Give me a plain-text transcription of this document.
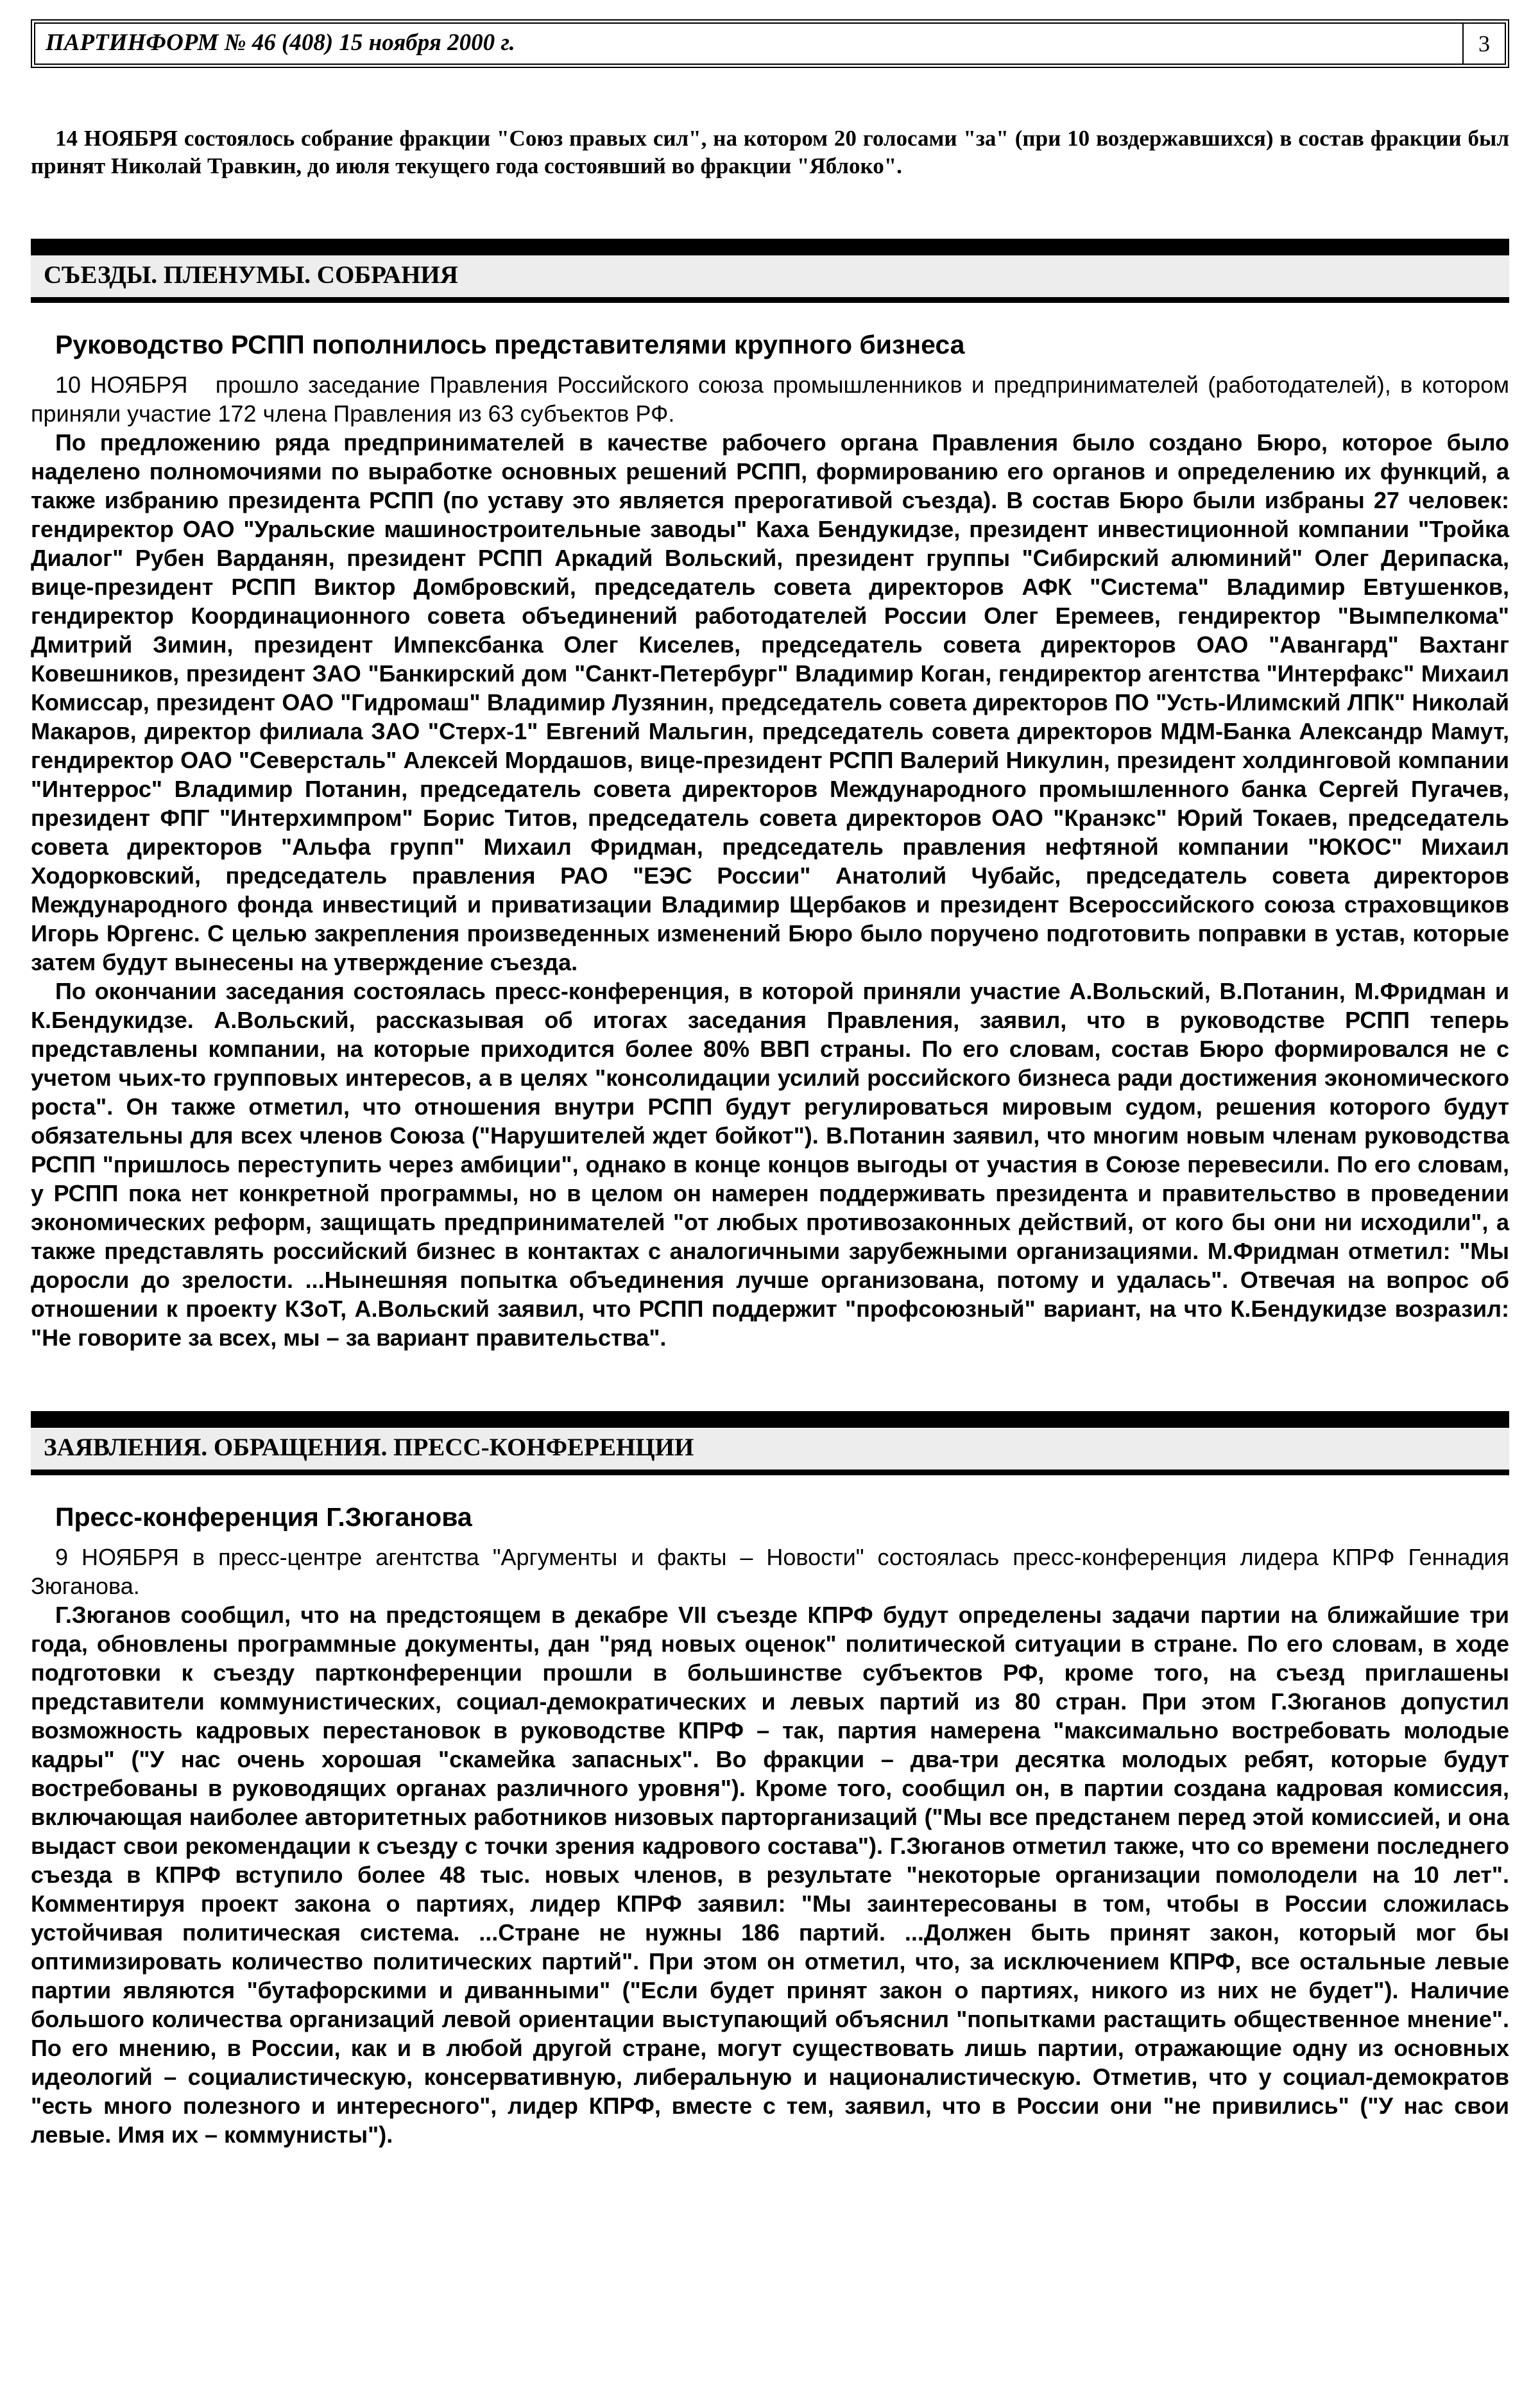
ПАРТИНФОРМ № 46 (408) 15 ноября 2000 г.	3

14 НОЯБРЯ состоялось собрание фракции "Союз правых сил", на котором 20 голосами "за" (при 10 воздержавшихся) в состав фракции был принят Николай Травкин, до июля текущего года состоявший во фракции "Яблоко".

СЪЕЗДЫ. ПЛЕНУМЫ. СОБРАНИЯ
Руководство РСПП пополнилось представителями крупного бизнеса

10 НОЯБРЯ   прошло заседание Правления Российского союза промышленников и предпринимателей (работодателей), в котором приняли участие 172 члена Правления из 63 субъектов РФ.

По предложению ряда предпринимателей в качестве рабочего органа Правления было создано Бюро, которое было наделено полномочиями по выработке основных решений РСПП, формированию его органов и определению их функций, а также избранию президента РСПП (по уставу это является прерогативой съезда). В состав Бюро были избраны 27 человек: гендиректор ОАО "Уральские машиностроительные заводы" Каха Бендукидзе, президент инвестиционной компании "Тройка Диалог" Рубен Варданян, президент РСПП Аркадий Вольский, президент группы "Сибирский алюминий" Олег Дерипаска, вице-президент РСПП Виктор Домбровский, председатель совета директоров АФК "Система" Владимир Евтушенков, гендиректор Координационного совета объединений работодателей России Олег Еремеев, гендиректор "Вымпелкома" Дмитрий Зимин, президент Импексбанка Олег Киселев, председатель совета директоров ОАО "Авангард" Вахтанг Ковешников, президент ЗАО "Банкирский дом "Санкт-Петербург" Владимир Коган, гендиректор агентства "Интерфакс" Михаил Комиссар, президент ОАО "Гидромаш" Владимир Лузянин, председатель совета директоров ПО "Усть-Илимский ЛПК" Николай Макаров, директор филиала ЗАО "Стерх-1" Евгений Мальгин, председатель совета директоров МДМ-Банка Александр Мамут, гендиректор ОАО "Северсталь" Алексей Мордашов, вице-президент РСПП Валерий Никулин, президент холдинговой компании "Интеррос" Владимир Потанин, председатель совета директоров Международного промышленного банка Сергей Пугачев, президент ФПГ "Интерхимпром" Борис Титов, председатель совета директоров ОАО "Кранэкс" Юрий Токаев, председатель совета директоров "Альфа групп" Михаил Фридман, председатель правления нефтяной компании "ЮКОС" Михаил Ходорковский, председатель правления РАО "ЕЭС России" Анатолий Чубайс, председатель совета директоров Международного фонда инвестиций и приватизации Владимир Щербаков и президент Всероссийского союза страховщиков Игорь Юргенс. С целью закрепления произведенных изменений Бюро было поручено подготовить поправки в устав, которые затем будут вынесены на утверждение съезда.

По окончании заседания состоялась пресс-конференция, в которой приняли участие А.Вольский, В.Потанин, М.Фридман и К.Бендукидзе. А.Вольский, рассказывая об итогах заседания Правления, заявил, что в руководстве РСПП теперь представлены компании, на которые приходится более 80% ВВП страны. По его словам, состав Бюро формировался не с учетом чьих-то групповых интересов, а в целях "консолидации усилий российского бизнеса ради достижения экономического роста". Он также отметил, что отношения внутри РСПП будут регулироваться мировым судом, решения которого будут обязательны для всех членов Союза ("Нарушителей ждет бойкот"). В.Потанин заявил, что многим новым членам руководства РСПП "пришлось переступить через амбиции", однако в конце концов выгоды от участия в Союзе перевесили. По его словам, у РСПП пока нет конкретной программы, но в целом он намерен поддерживать президента и правительство в проведении экономических реформ, защищать предпринимателей "от любых противозаконных действий, от кого бы они ни исходили", а также представлять российский бизнес в контактах с аналогичными зарубежными организациями. М.Фридман отметил: "Мы доросли до зрелости. ...Нынешняя попытка объединения лучше организована, потому и удалась". Отвечая на вопрос об отношении к проекту КЗоТ, А.Вольский заявил, что РСПП поддержит "профсоюзный" вариант, на что К.Бендукидзе возразил: "Не говорите за всех, мы – за вариант правительства".

ЗАЯВЛЕНИЯ. ОБРАЩЕНИЯ. ПРЕСС-КОНФЕРЕНЦИИ
Пресс-конференция Г.Зюганова

9 НОЯБРЯ в пресс-центре агентства "Аргументы и факты – Новости" состоялась пресс-конференция лидера КПРФ Геннадия Зюганова.

Г.Зюганов сообщил, что на предстоящем в декабре VII съезде КПРФ будут определены задачи партии на ближайшие три года, обновлены программные документы, дан "ряд новых оценок" политической ситуации в стране. По его словам, в ходе подготовки к съезду партконференции прошли в большинстве субъектов РФ, кроме того, на съезд приглашены представители коммунистических, социал-демократических и левых партий из 80 стран. При этом Г.Зюганов допустил возможность кадровых перестановок в руководстве КПРФ – так, партия намерена "максимально востребовать молодые кадры" ("У нас очень хорошая "скамейка запасных". Во фракции – два-три десятка молодых ребят, которые будут востребованы в руководящих органах различного уровня"). Кроме того, сообщил он, в партии создана кадровая комиссия, включающая наиболее авторитетных работников низовых парторганизаций ("Мы все предстанем перед этой комиссией, и она выдаст свои рекомендации к съезду с точки зрения кадрового состава"). Г.Зюганов отметил также, что со времени последнего съезда в КПРФ вступило более 48 тыс. новых членов, в результате "некоторые организации помолодели на 10 лет". Комментируя проект закона о партиях, лидер КПРФ заявил: "Мы заинтересованы в том, чтобы в России сложилась устойчивая политическая система. ...Стране не нужны 186 партий. ...Должен быть принят закон, который мог бы оптимизировать количество политических партий". При этом он отметил, что, за исключением КПРФ, все остальные левые партии являются "бутафорскими и диванными" ("Если будет принят закон о партиях, никого из них не будет"). Наличие большого количества организаций левой ориентации выступающий объяснил "попытками растащить общественное мнение". По его мнению, в России, как и в любой другой стране, могут существовать лишь партии, отражающие одну из основных идеологий – социалистическую, консервативную, либеральную и националистическую. Отметив, что у социал-демократов "есть много полезного и интересного", лидер КПРФ, вместе с тем, заявил, что в России они "не привились" ("У нас свои левые. Имя их – коммунисты").
